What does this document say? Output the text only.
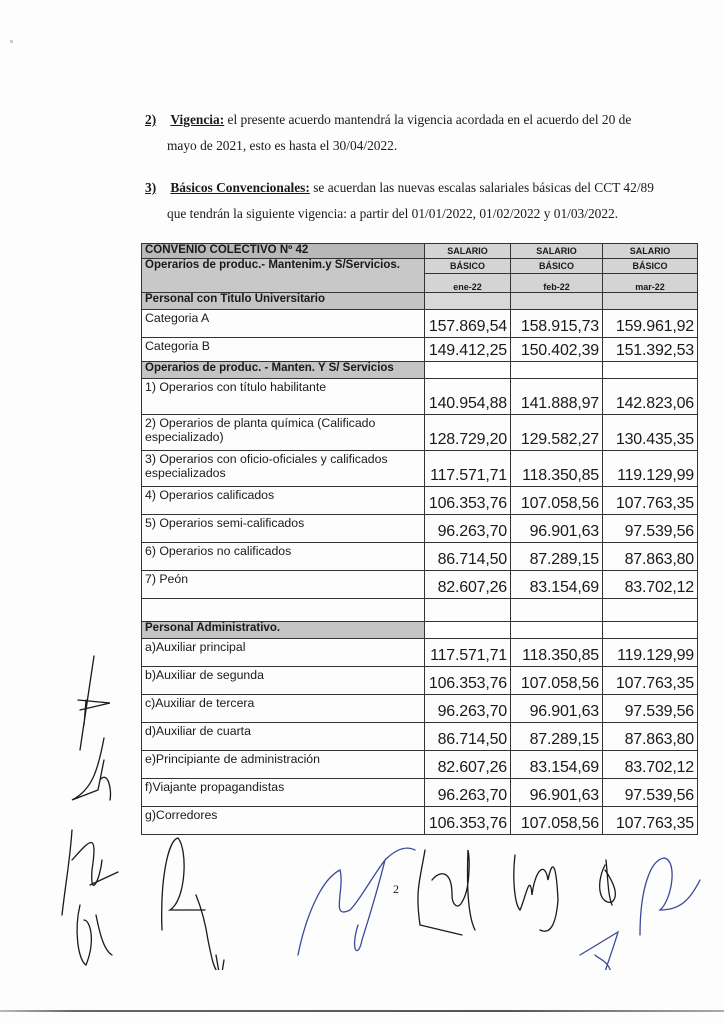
2) Vigencia: el presente acuerdo mantendrá la vigencia acordada en el acuerdo del 20 de
mayo de 2021, esto es hasta el 30/04/2022.
3) Básicos Convencionales: se acuerdan las nuevas escalas salariales básicas del CCT 42/89
que tendrán la siguiente vigencia: a partir del 01/01/2022, 01/02/2022 y 01/03/2022.
CONVENIO COLECTIVO Nº 42	SALARIO	SALARIO	SALARIO
Operarios de produc.- Mantenim.y S/Servicios.	BÁSICO	BÁSICO	BÁSICO
	ene-22	feb-22	mar-22
Personal con Titulo Universitario			
Categoria A	157.869,54	158.915,73	159.961,92
Categoria B	149.412,25	150.402,39	151.392,53
Operarios de produc. - Manten. Y S/ Servicios			
1) Operarios con título habilitante	140.954,88	141.888,97	142.823,06
2) Operarios de planta química (Calificado especializado)	128.729,20	129.582,27	130.435,35
3) Operarios con oficio-oficiales y calificados especializados	117.571,71	118.350,85	119.129,99
4) Operarios calificados	106.353,76	107.058,56	107.763,35
5) Operarios semi-calificados	96.263,70	96.901,63	97.539,56
6) Operarios no calificados	86.714,50	87.289,15	87.863,80
7) Peón	82.607,26	83.154,69	83.702,12

Personal Administrativo.			
a)Auxiliar principal	117.571,71	118.350,85	119.129,99
b)Auxiliar de segunda	106.353,76	107.058,56	107.763,35
c)Auxiliar de tercera	96.263,70	96.901,63	97.539,56
d)Auxiliar de cuarta	86.714,50	87.289,15	87.863,80
e)Principiante de administración	82.607,26	83.154,69	83.702,12
f)Viajante propagandistas	96.263,70	96.901,63	97.539,56
g)Corredores	106.353,76	107.058,56	107.763,35
2
